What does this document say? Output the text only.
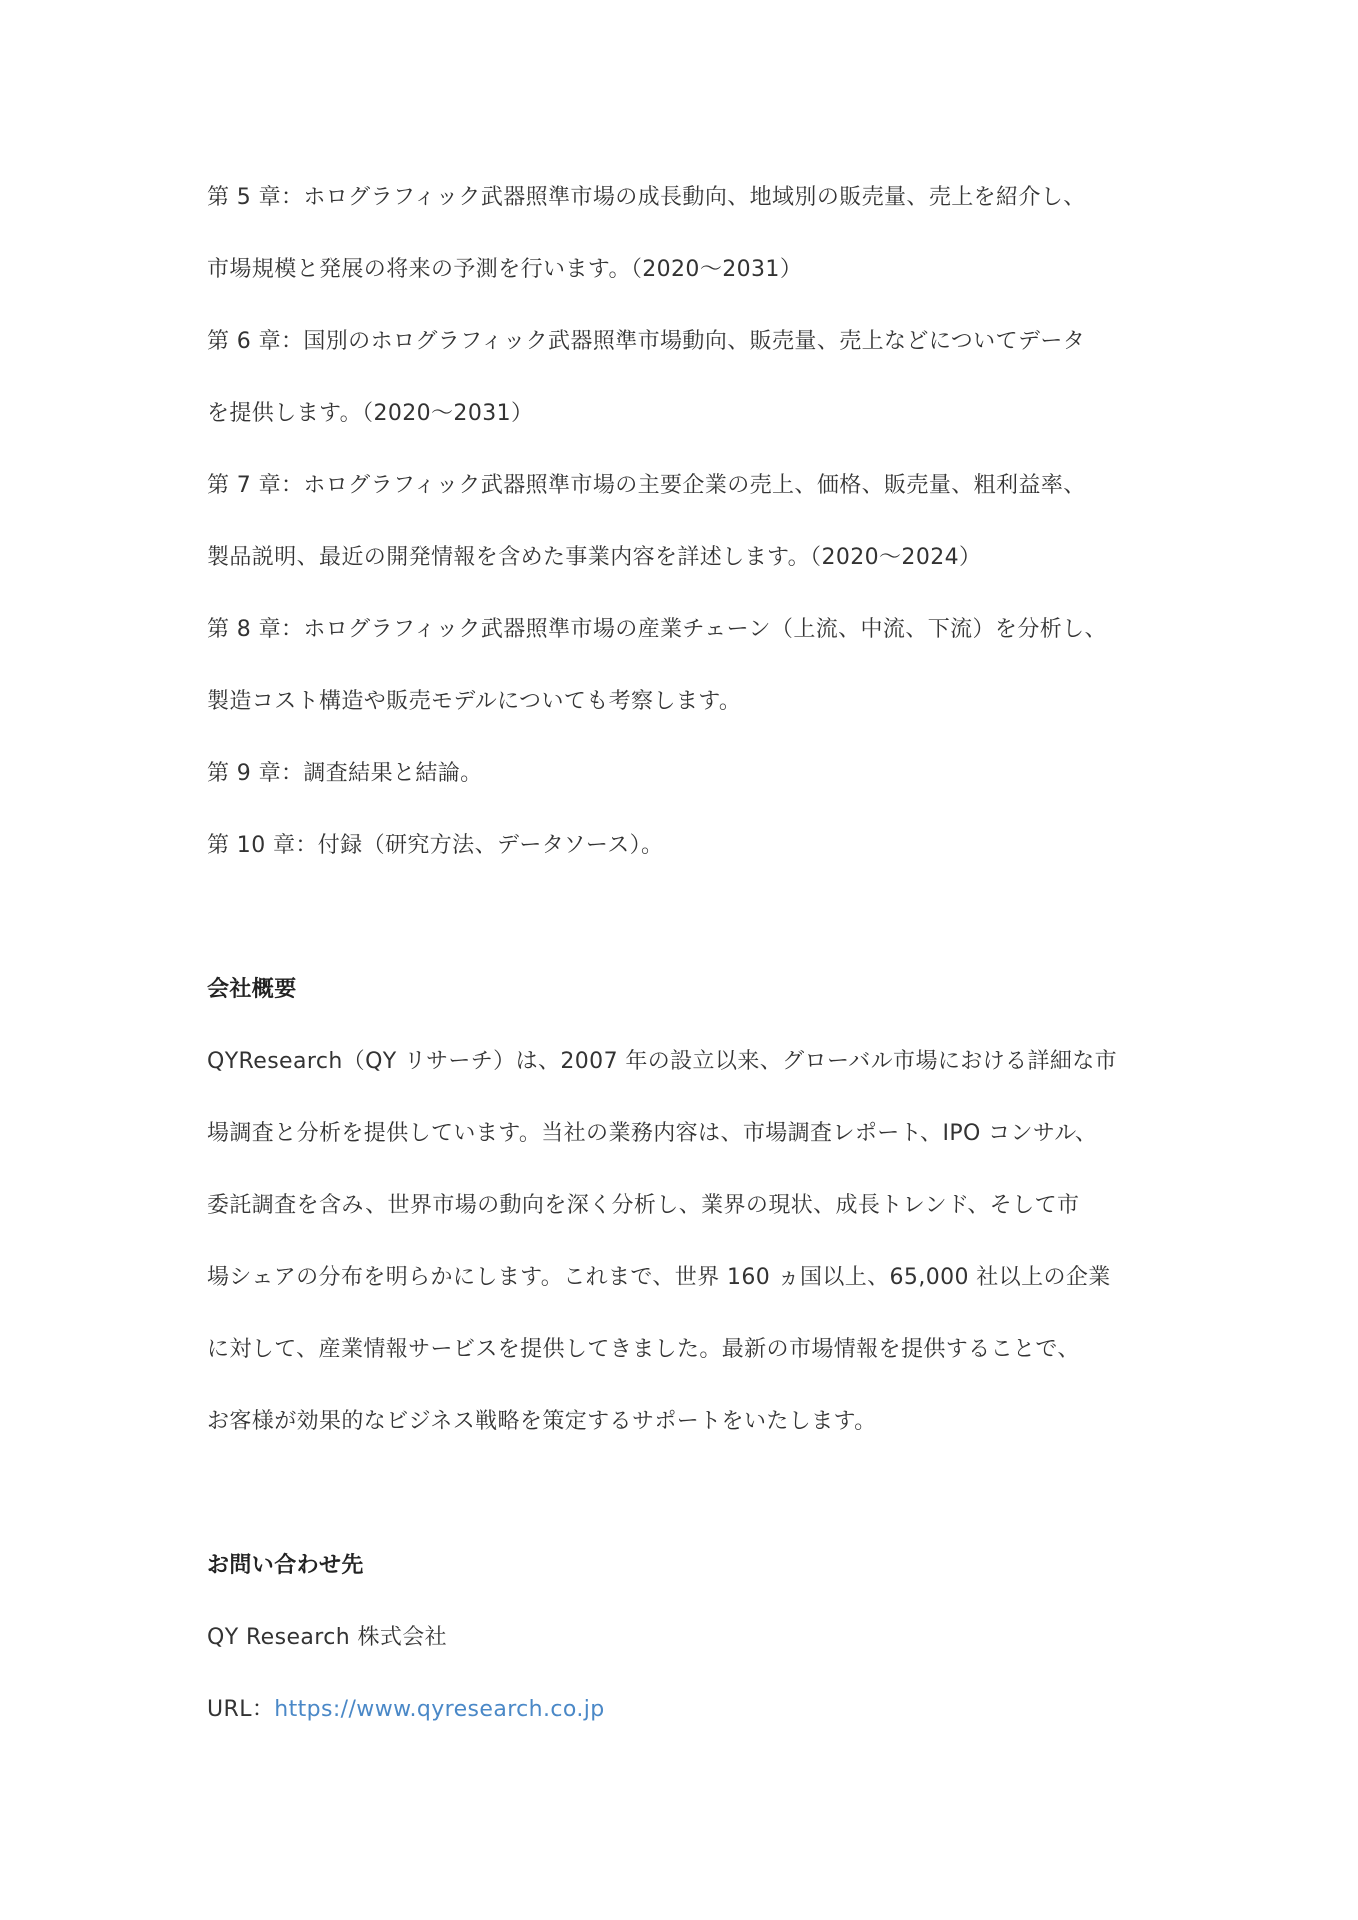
第 5 章：ホログラフィック武器照準市場の成長動向、地域別の販売量、売上を紹介し、
市場規模と発展の将来の予測を行います。（2020～2031）
第 6 章：国別のホログラフィック武器照準市場動向、販売量、売上などについてデータ
を提供します。（2020～2031）
第 7 章：ホログラフィック武器照準市場の主要企業の売上、価格、販売量、粗利益率、
製品説明、最近の開発情報を含めた事業内容を詳述します。（2020～2024）
第 8 章：ホログラフィック武器照準市場の産業チェーン（上流、中流、下流）を分析し、
製造コスト構造や販売モデルについても考察します。
第 9 章：調査結果と結論。
第 10 章：付録（研究方法、データソース）。
会社概要
QYResearch（QY リサーチ）は、2007 年の設立以来、グローバル市場における詳細な市
場調査と分析を提供しています。当社の業務内容は、市場調査レポート、IPO コンサル、
委託調査を含み、世界市場の動向を深く分析し、業界の現状、成長トレンド、そして市
場シェアの分布を明らかにします。これまで、世界 160 ヵ国以上、65,000 社以上の企業
に対して、産業情報サービスを提供してきました。最新の市場情報を提供することで、
お客様が効果的なビジネス戦略を策定するサポートをいたします。
お問い合わせ先
QY Research 株式会社
URL：https://www.qyresearch.co.jp
